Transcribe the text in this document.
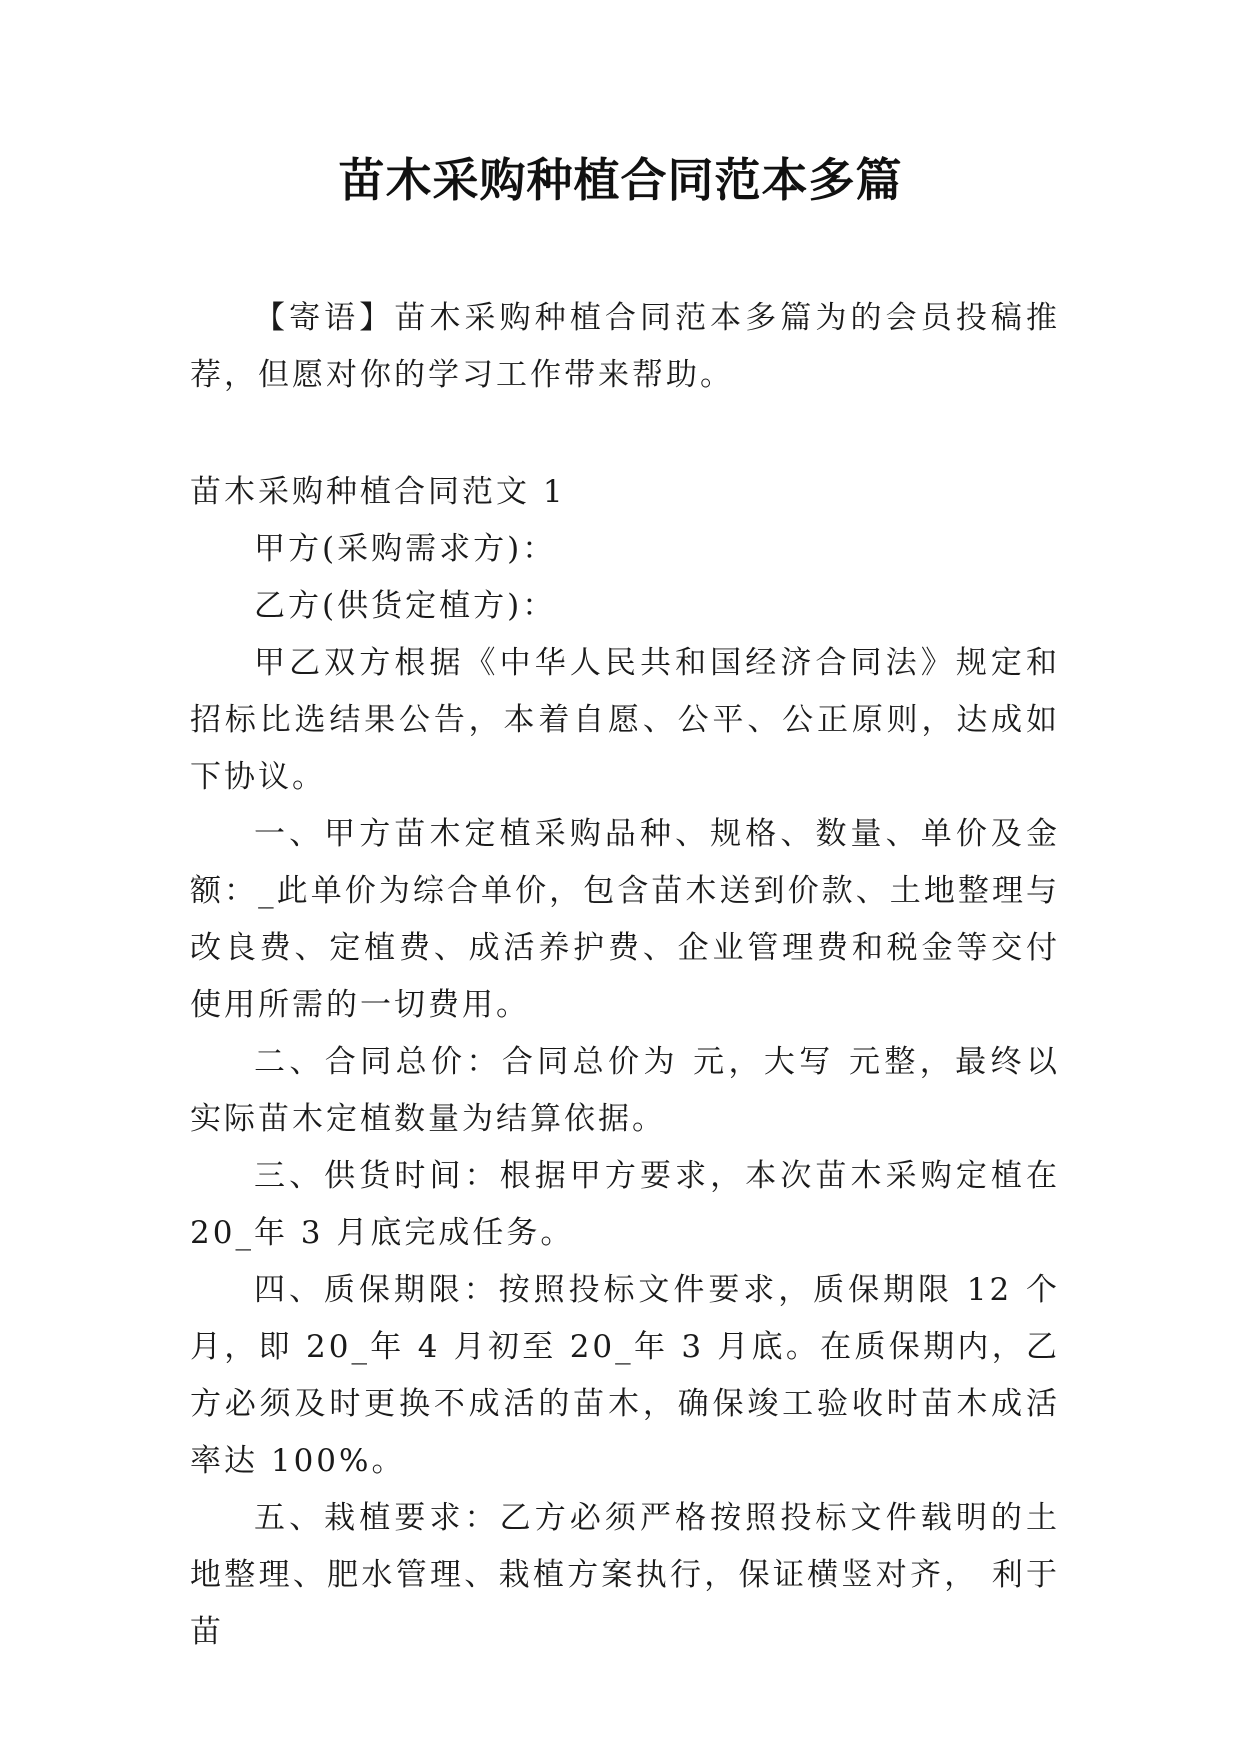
苗木采购种植合同范本多篇

【寄语】苗木采购种植合同范本多篇为的会员投稿推荐，但愿对你的学习工作带来帮助。

苗木采购种植合同范文 1

甲方(采购需求方)：

乙方(供货定植方)：

甲乙双方根据《中华人民共和国经济合同法》规定和招标比选结果公告，本着自愿、公平、公正原则，达成如下协议。

一、甲方苗木定植采购品种、规格、数量、单价及金额：_此单价为综合单价，包含苗木送到价款、土地整理与改良费、定植费、成活养护费、企业管理费和税金等交付使用所需的一切费用。

二、合同总价：合同总价为 元，大写 元整，最终以实际苗木定植数量为结算依据。

三、供货时间：根据甲方要求，本次苗木采购定植在 20_年 3 月底完成任务。

四、质保期限：按照投标文件要求，质保期限 12 个月，即 20_年 4 月初至 20_年 3 月底。在质保期内，乙方必须及时更换不成活的苗木，确保竣工验收时苗木成活率达 100%。

五、栽植要求：乙方必须严格按照投标文件载明的土地整理、肥水管理、栽植方案执行，保证横竖对齐， 利于苗
